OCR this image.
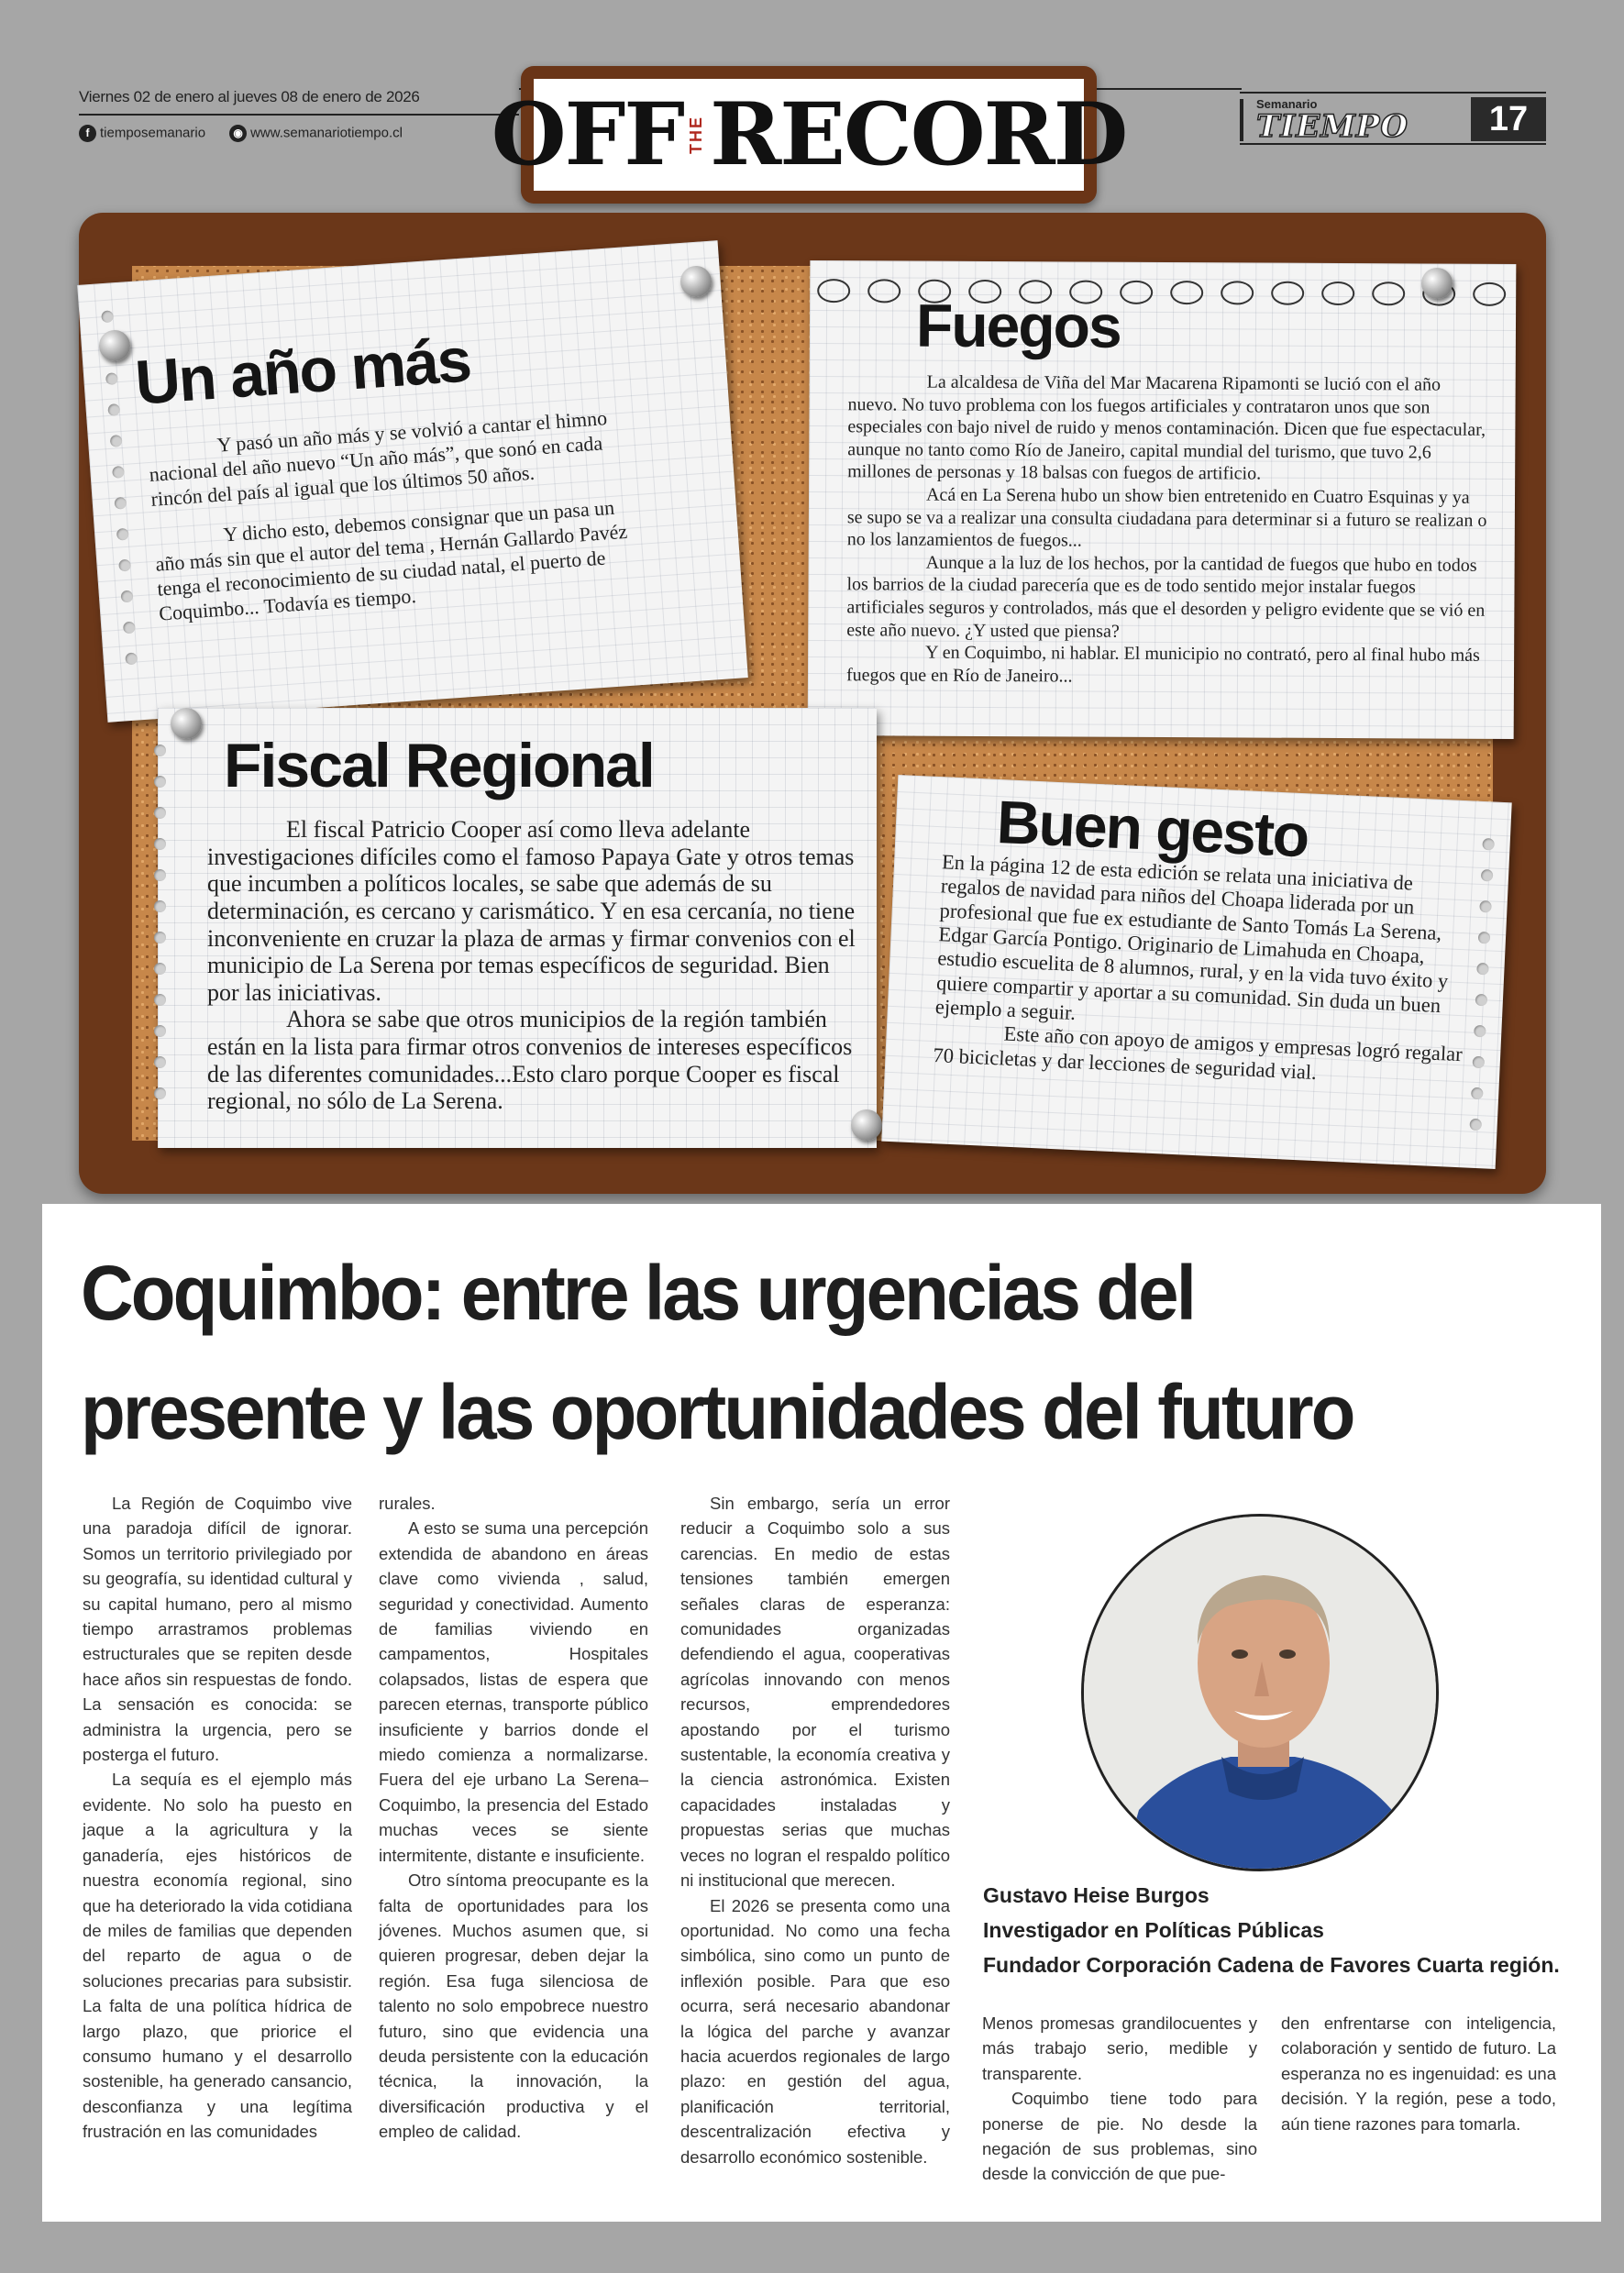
Viernes 02 de enero al jueves 08 de enero de 2026
f tiemposemanario	◉ www.semanariotiempo.cl OFF THE RECORD	Semanario
TIEMPO	17
Un año más

Y pasó un año más y se volvió a cantar el himno nacional del año nuevo “Un año más”, que sonó en cada rincón del país al igual que los últimos 50 años.

Y dicho esto, debemos consignar que un pasa un año más sin que el autor del tema , Hernán Gallardo Pavéz tenga el reconocimiento de su ciudad natal, el puerto de Coquimbo... Todavía es tiempo.

Fuegos

La alcaldesa de Viña del Mar Macarena Ripamonti se lució con el año nuevo. No tuvo problema con los fuegos artificiales y contrataron unos que son especiales con bajo nivel de ruido y menos contaminación. Dicen que fue espectacular, aunque no tanto como Río de Janeiro, capital mundial del turismo, que tuvo 2,6 millones de personas y 18 balsas con fuegos de artificio.

Acá en La Serena hubo un show bien entretenido en Cuatro Esquinas y ya se supo se va a realizar una consulta ciudadana para determinar si a futuro se realizan o no los lanzamientos de fuegos...

Aunque a la luz de los hechos, por la cantidad de fuegos que hubo en todos los barrios de la ciudad parecería que es de todo sentido mejor instalar fuegos artificiales seguros y controlados, más que el desorden y peligro evidente que se vió en este año nuevo. ¿Y usted que piensa?

Y en Coquimbo, ni hablar. El municipio no contrató, pero al final hubo más fuegos que en Río de Janeiro...

Fiscal Regional

El fiscal Patricio Cooper así como lleva adelante investigaciones difíciles como el famoso Papaya Gate y otros temas que incumben a políticos locales, se sabe que además de su determinación, es cercano y carismático. Y en esa cercanía, no tiene inconveniente en cruzar la plaza de armas y firmar convenios con el municipio de La Serena por temas específicos de seguridad. Bien por las iniciativas.

Ahora se sabe que otros municipios de la región también están en la lista para firmar otros convenios de intereses específicos de las diferentes comunidades...Esto claro porque Cooper es fiscal regional, no sólo de La Serena.

Buen gesto

En la página 12 de esta edición se relata una iniciativa de regalos de navidad para niños del Choapa liderada por un profesional que fue ex estudiante de Santo Tomás La Serena, Edgar García Pontigo. Originario de Limahuda en Choapa, estudio escuelita de 8 alumnos, rural, y en la vida tuvo éxito y quiere compartir y aportar a su comunidad. Sin duda un buen ejemplo a seguir.

Este año con apoyo de amigos y empresas logró regalar 70 bicicletas y dar lecciones de seguridad vial.

Coquimbo: entre las urgencias del presente y las oportunidades del futuro

La Región de Coquimbo vive una paradoja difícil de ignorar. Somos un territorio privilegiado por su geografía, su identidad cultural y su capital humano, pero al mismo tiempo arrastramos problemas estructurales que se repiten desde hace años sin respuestas de fondo. La sensación es conocida: se administra la urgencia, pero se posterga el futuro.

La sequía es el ejemplo más evidente. No solo ha puesto en jaque a la agricultura y la ganadería, ejes históricos de nuestra economía regional, sino que ha deteriorado la vida cotidiana de miles de familias que dependen del reparto de agua o de soluciones precarias para subsistir. La falta de una política hídrica de largo plazo, que priorice el consumo humano y el desarrollo sostenible, ha generado cansancio, desconfianza y una legítima frustración en las comunidades

rurales.

A esto se suma una percepción extendida de abandono en áreas clave como vivienda , salud, seguridad y conectividad. Aumento de familias viviendo en campamentos, Hospitales colapsados, listas de espera que parecen eternas, transporte público insuficiente y barrios donde el miedo comienza a normalizarse. Fuera del eje urbano La Serena–Coquimbo, la presencia del Estado muchas veces se siente intermitente, distante e insuficiente.

Otro síntoma preocupante es la falta de oportunidades para los jóvenes. Muchos asumen que, si quieren progresar, deben dejar la región. Esa fuga silenciosa de talento no solo empobrece nuestro futuro, sino que evidencia una deuda persistente con la educación técnica, la innovación, la diversificación productiva y el empleo de calidad.

Sin embargo, sería un error reducir a Coquimbo solo a sus carencias. En medio de estas tensiones también emergen señales claras de esperanza: comunidades organizadas defendiendo el agua, cooperativas agrícolas innovando con menos recursos, emprendedores apostando por el turismo sustentable, la economía creativa y la ciencia astronómica. Existen capacidades instaladas y propuestas serias que muchas veces no logran el respaldo político ni institucional que merecen.

El 2026 se presenta como una oportunidad. No como una fecha simbólica, sino como un punto de inflexión posible. Para que eso ocurra, será necesario abandonar la lógica del parche y avanzar hacia acuerdos regionales de largo plazo: en gestión del agua, planificación territorial, descentralización efectiva y desarrollo económico sostenible.

Gustavo Heise Burgos
Investigador en Políticas Públicas
Fundador Corporación Cadena de Favores Cuarta región.

Menos promesas grandilocuentes y más trabajo serio, medible y transparente.

Coquimbo tiene todo para ponerse de pie. No desde la negación de sus problemas, sino desde la convicción de que pue-

den enfrentarse con inteligencia, colaboración y sentido de futuro. La esperanza no es ingenuidad: es una decisión. Y la región, pese a todo, aún tiene razones para tomarla.
